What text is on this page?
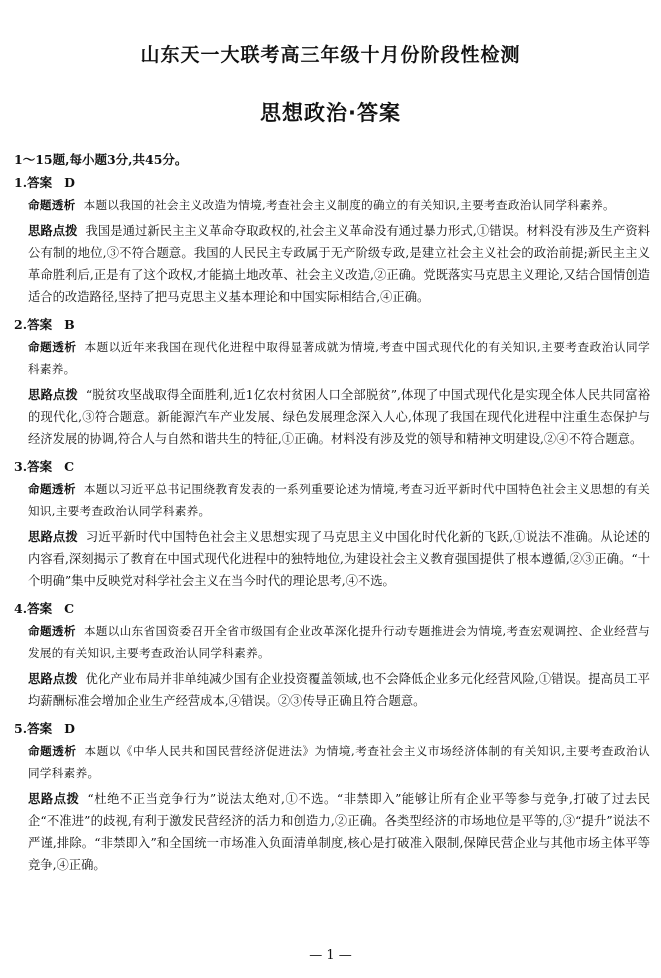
山东天一大联考高三年级十月份阶段性检测
思想政治·答案
1～15题,每小题3分,共45分。
1.答案 D
命题透析 本题以我国的社会主义改造为情境,考查社会主义制度的确立的有关知识,主要考查政治认同学科素养。
思路点拨 我国是通过新民主主义革命夺取政权的,社会主义革命没有通过暴力形式,①错误。材料没有涉及生产资料公有制的地位,③不符合题意。我国的人民民主专政属于无产阶级专政,是建立社会主义社会的政治前提;新民主主义革命胜利后,正是有了这个政权,才能搞土地改革、社会主义改造,②正确。党既落实马克思主义理论,又结合国情创造适合的改造路径,坚持了把马克思主义基本理论和中国实际相结合,④正确。
2.答案 B
命题透析 本题以近年来我国在现代化进程中取得显著成就为情境,考查中国式现代化的有关知识,主要考查政治认同学科素养。
思路点拨 “脱贫攻坚战取得全面胜利,近1亿农村贫困人口全部脱贫”,体现了中国式现代化是实现全体人民共同富裕的现代化,③符合题意。新能源汽车产业发展、绿色发展理念深入人心,体现了我国在现代化进程中注重生态保护与经济发展的协调,符合人与自然和谐共生的特征,①正确。材料没有涉及党的领导和精神文明建设,②④不符合题意。
3.答案 C
命题透析 本题以习近平总书记围绕教育发表的一系列重要论述为情境,考查习近平新时代中国特色社会主义思想的有关知识,主要考查政治认同学科素养。
思路点拨 习近平新时代中国特色社会主义思想实现了马克思主义中国化时代化新的飞跃,①说法不准确。从论述的内容看,深刻揭示了教育在中国式现代化进程中的独特地位,为建设社会主义教育强国提供了根本遵循,②③正确。“十个明确”集中反映党对科学社会主义在当今时代的理论思考,④不选。
4.答案 C
命题透析 本题以山东省国资委召开全省市级国有企业改革深化提升行动专题推进会为情境,考查宏观调控、企业经营与发展的有关知识,主要考查政治认同学科素养。
思路点拨 优化产业布局并非单纯减少国有企业投资覆盖领域,也不会降低企业多元化经营风险,①错误。提高员工平均薪酬标准会增加企业生产经营成本,④错误。②③传导正确且符合题意。
5.答案 D
命题透析 本题以《中华人民共和国民营经济促进法》为情境,考查社会主义市场经济体制的有关知识,主要考查政治认同学科素养。
思路点拨 “杜绝不正当竞争行为”说法太绝对,①不选。“非禁即入”能够让所有企业平等参与竞争,打破了过去民企“不准进”的歧视,有利于激发民营经济的活力和创造力,②正确。各类型经济的市场地位是平等的,③“提升”说法不严谨,排除。“非禁即入”和全国统一市场准入负面清单制度,核心是打破准入限制,保障民营企业与其他市场主体平等竞争,④正确。
— 1 —
